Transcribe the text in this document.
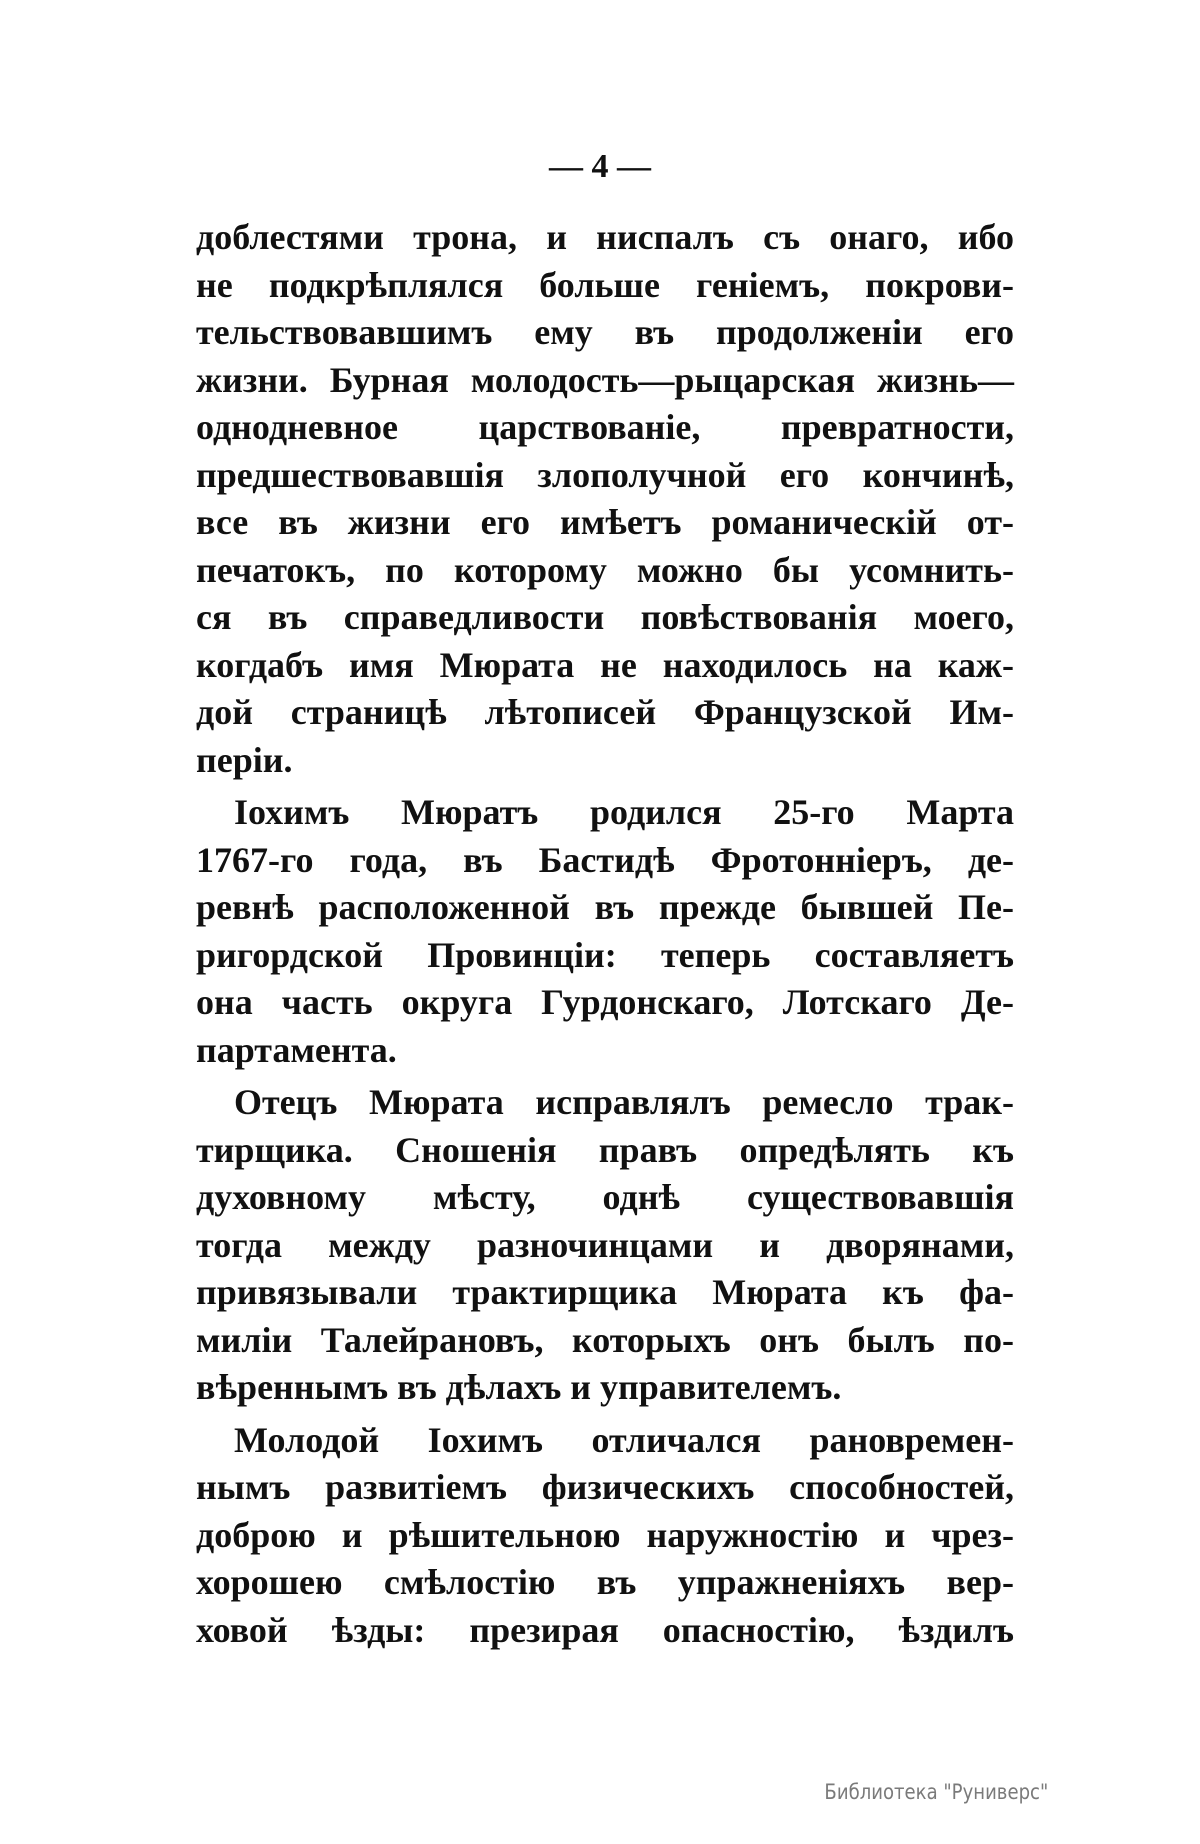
— 4 —
доблестями трона, и ниспалъ съ онаго, ибо
не подкрѣплялся больше геніемъ, покрови-
тельствовавшимъ ему въ продолженіи его
жизни. Бурная молодость—рыцарская жизнь—
однодневное царствованіе, превратности,
предшествовавшія злополучной его кончинѣ,
все въ жизни его имѣетъ романическій от-
печатокъ, по которому можно бы усомнить-
ся въ справедливости повѣствованія моего,
когдабъ имя Мюрата не находилось на каж-
дой страницѣ лѣтописей Французской Им-
періи.
Іохимъ Мюратъ родился 25-го Марта
1767-го года, въ Бастидѣ Фротонніеръ, де-
ревнѣ расположенной въ прежде бывшей Пе-
ригордской Провинціи: теперь составляетъ
она часть округа Гурдонскаго, Лотскаго Де-
партамента.
Отецъ Мюрата исправлялъ ремесло трак-
тирщика. Сношенія правъ опредѣлять къ
духовному мѣсту, однѣ существовавшія
тогда между разночинцами и дворянами,
привязывали трактирщика Мюрата къ фа-
миліи Талейрановъ, которыхъ онъ былъ по-
вѣреннымъ въ дѣлахъ и управителемъ.
Молодой Іохимъ отличался рановремен-
нымъ развитіемъ физическихъ способностей,
доброю и рѣшительною наружностію и чрез-
хорошею смѣлостію въ упражненіяхъ вер-
ховой ѣзды: презирая опасностію, ѣздилъ
Библиотека "Руниверс"
